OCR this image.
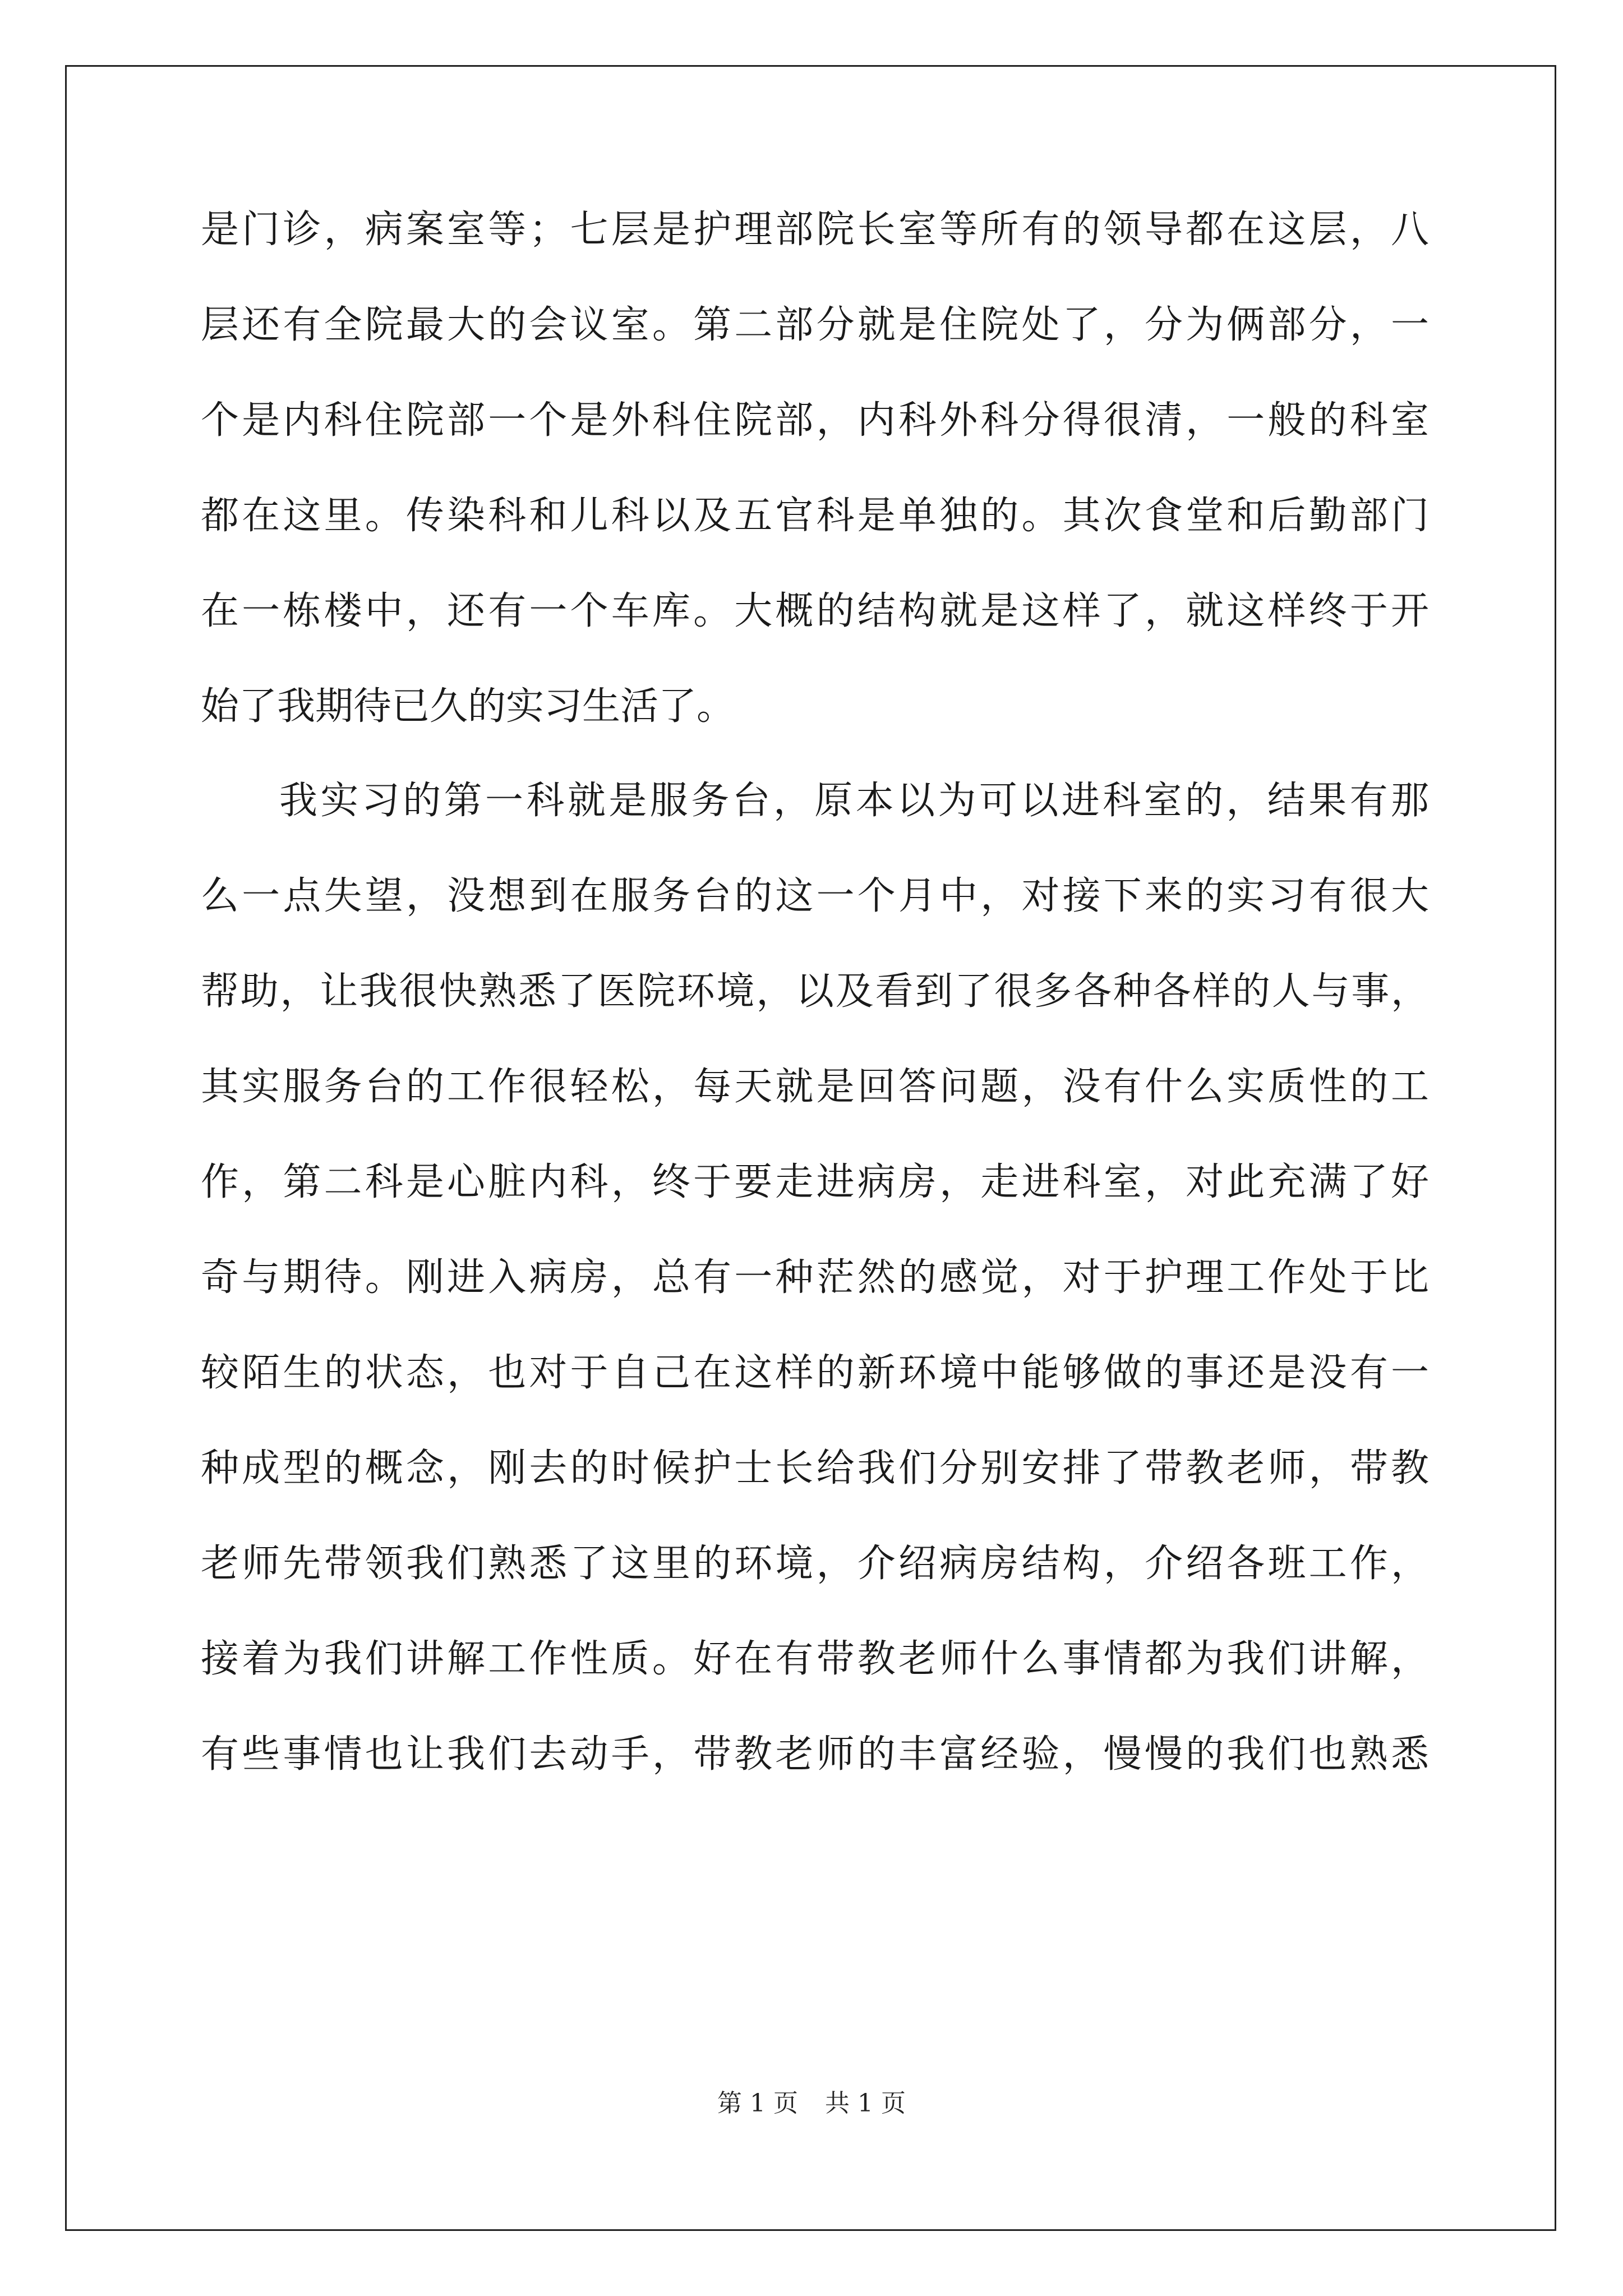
是门诊，病案室等；七层是护理部院长室等所有的领导都在这层，八
层还有全院最大的会议室。第二部分就是住院处了，分为俩部分，一
个是内科住院部一个是外科住院部，内科外科分得很清，一般的科室
都在这里。传染科和儿科以及五官科是单独的。其次食堂和后勤部门
在一栋楼中，还有一个车库。大概的结构就是这样了，就这样终于开
始了我期待已久的实习生活了。
我实习的第一科就是服务台，原本以为可以进科室的，结果有那
么一点失望，没想到在服务台的这一个月中，对接下来的实习有很大
帮助，让我很快熟悉了医院环境，以及看到了很多各种各样的人与事，
其实服务台的工作很轻松，每天就是回答问题，没有什么实质性的工
作，第二科是心脏内科，终于要走进病房，走进科室，对此充满了好
奇与期待。刚进入病房，总有一种茫然的感觉，对于护理工作处于比
较陌生的状态，也对于自己在这样的新环境中能够做的事还是没有一
种成型的概念，刚去的时候护士长给我们分别安排了带教老师，带教
老师先带领我们熟悉了这里的环境，介绍病房结构，介绍各班工作，
接着为我们讲解工作性质。好在有带教老师什么事情都为我们讲解，
有些事情也让我们去动手，带教老师的丰富经验，慢慢的我们也熟悉
第 1 页 共 1 页
